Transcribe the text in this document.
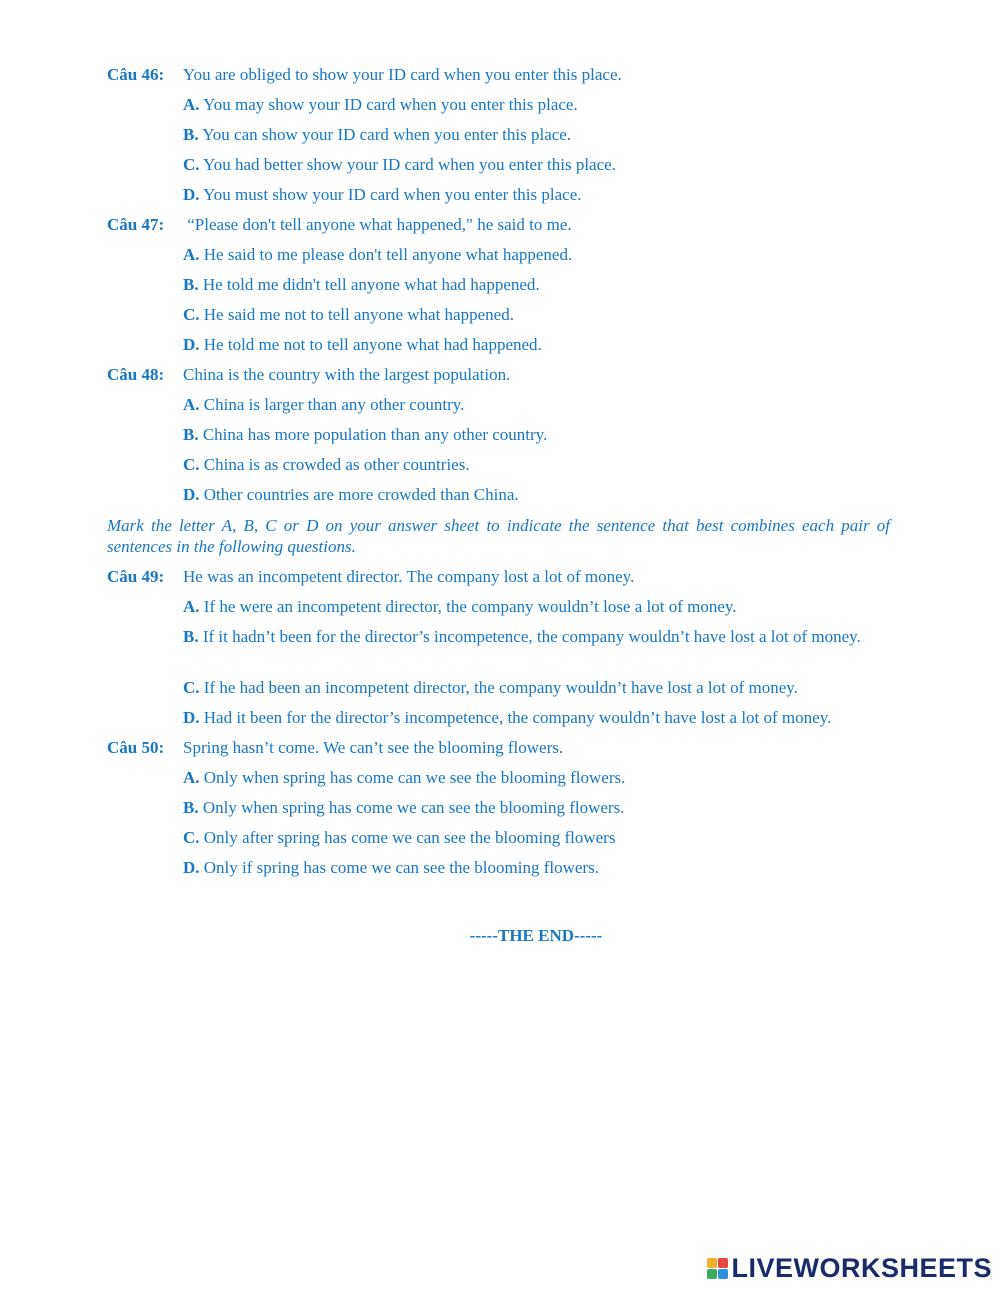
Câu 46:	You are obliged to show your ID card when you enter this place.
A. You may show your ID card when you enter this place.
B. You can show your ID card when you enter this place.
C. You had better show your ID card when you enter this place.
D. You must show your ID card when you enter this place.
Câu 47:	“Please don't tell anyone what happened," he said to me.
A. He said to me please don't tell anyone what happened.
B. He told me didn't tell anyone what had happened.
C. He said me not to tell anyone what happened.
D. He told me not to tell anyone what had happened.
Câu 48:	China is the country with the largest population.
A. China is larger than any other country.
B. China has more population than any other country.
C. China is as crowded as other countries.
D. Other countries are more crowded than China.
Mark the letter A, B, C or D on your answer sheet to indicate the sentence that best combines each pair of sentences in the following questions.
Câu 49:	He was an incompetent director. The company lost a lot of money.
A. If he were an incompetent director, the company wouldn’t lose a lot of money.
B. If it hadn’t been for the director’s incompetence, the company wouldn’t have lost a lot of money.
C. If he had been an incompetent director, the company wouldn’t have lost a lot of money.
D. Had it been for the director’s incompetence, the company wouldn’t have lost a lot of money.
Câu 50:	Spring hasn’t come. We can’t see the blooming flowers.
A. Only when spring has come can we see the blooming flowers.
B. Only when spring has come we can see the blooming flowers.
C. Only after spring has come we can see the blooming flowers
D. Only if spring has come we can see the blooming flowers.
-----THE END-----
LIVEWORKSHEETS
